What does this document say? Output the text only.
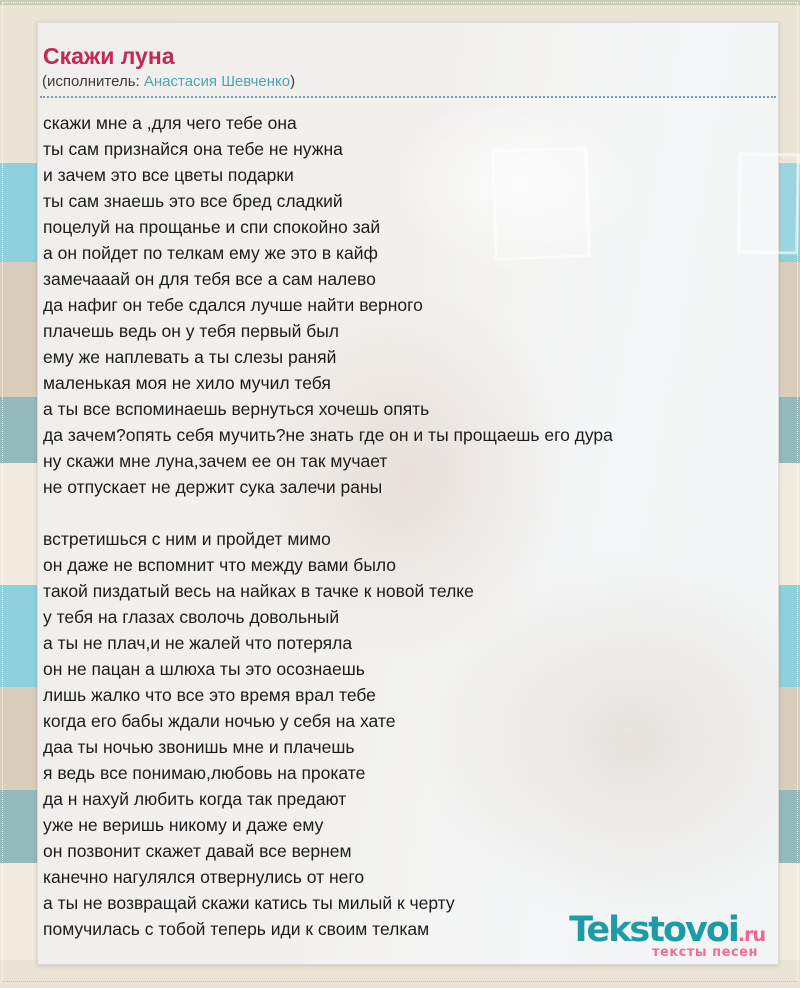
Скажи луна
(исполнитель: Анастасия Шевченко)
скажи мне а ,для чего тебе она
ты сам признайся она тебе не нужна
и зачем это все цветы подарки
ты сам знаешь это все бред сладкий
поцелуй на прощанье и спи спокойно зай
а он пойдет по телкам ему же это в кайф
замечааай он для тебя все а сам налево
да нафиг он тебе сдался лучше найти верного
плачешь ведь он у тебя первый был
ему же наплевать а ты слезы раняй
маленькая моя не хило мучил тебя
а ты все вспоминаешь вернуться хочешь опять
да зачем?опять себя мучить?не знать где он и ты прощаешь его дура
ну скажи мне луна,зачем ее он так мучает
не отпускает не держит сука залечи раны
встретишься с ним и пройдет мимо
он даже не вспомнит что между вами было
такой пиздатый весь на найках в тачке к новой телке
у тебя на глазах сволочь довольный
а ты не плач,и не жалей что потеряла
он не пацан а шлюха ты это осознаешь
лишь жалко что все это время врал тебе
когда его бабы ждали ночью у себя на хате
даа ты ночью звонишь мне и плачешь
я ведь все понимаю,любовь на прокате
да н нахуй любить когда так предают
уже не веришь никому и даже ему
он позвонит скажет давай все вернем
канечно нагулялся отвернулись от него
а ты не возвращай скажи катись ты милый к черту
помучилась с тобой теперь иди к своим телкам	Tekstovoi.ru
тексты песен
